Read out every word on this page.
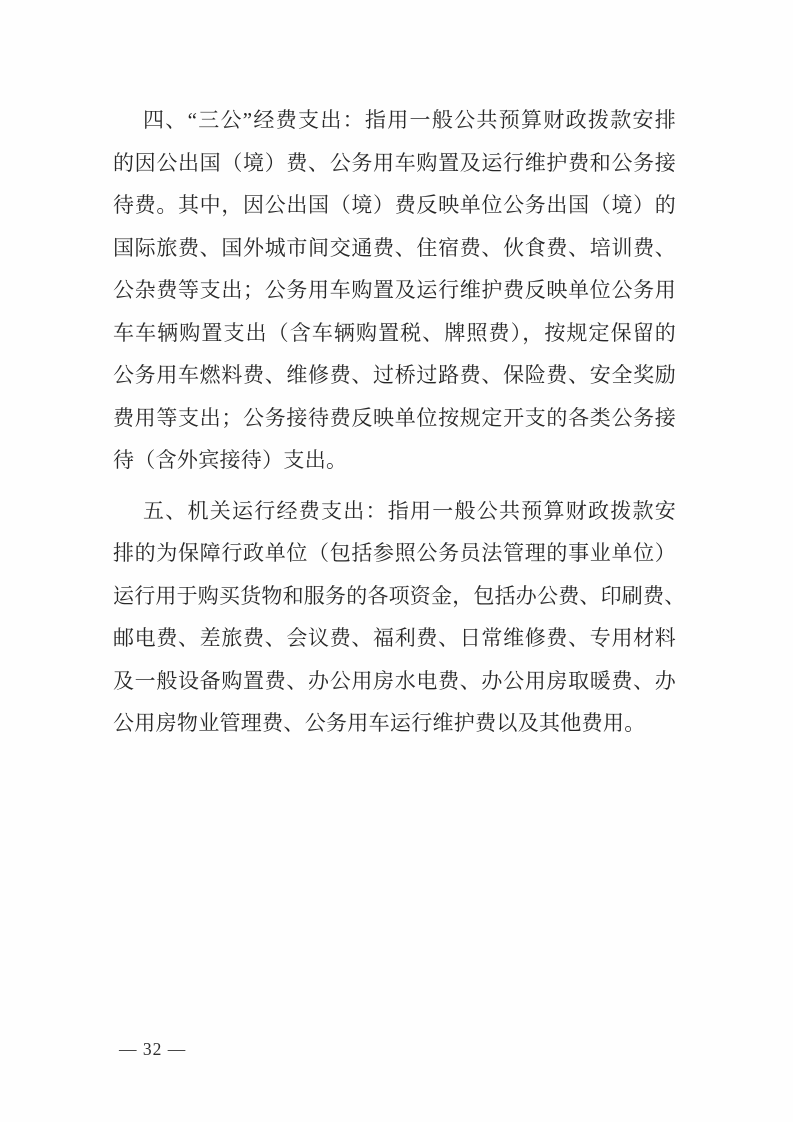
四、“三公”经费支出：指用一般公共预算财政拨款安排
的因公出国（境）费、公务用车购置及运行维护费和公务接
待费。其中，因公出国（境）费反映单位公务出国（境）的
国际旅费、国外城市间交通费、住宿费、伙食费、培训费、
公杂费等支出；公务用车购置及运行维护费反映单位公务用
车车辆购置支出（含车辆购置税、牌照费），按规定保留的
公务用车燃料费、维修费、过桥过路费、保险费、安全奖励
费用等支出；公务接待费反映单位按规定开支的各类公务接
待（含外宾接待）支出。
五、机关运行经费支出：指用一般公共预算财政拨款安
排的为保障行政单位（包括参照公务员法管理的事业单位）
运行用于购买货物和服务的各项资金，包括办公费、印刷费、
邮电费、差旅费、会议费、福利费、日常维修费、专用材料
及一般设备购置费、办公用房水电费、办公用房取暖费、办
公用房物业管理费、公务用车运行维护费以及其他费用。
— 32 —
